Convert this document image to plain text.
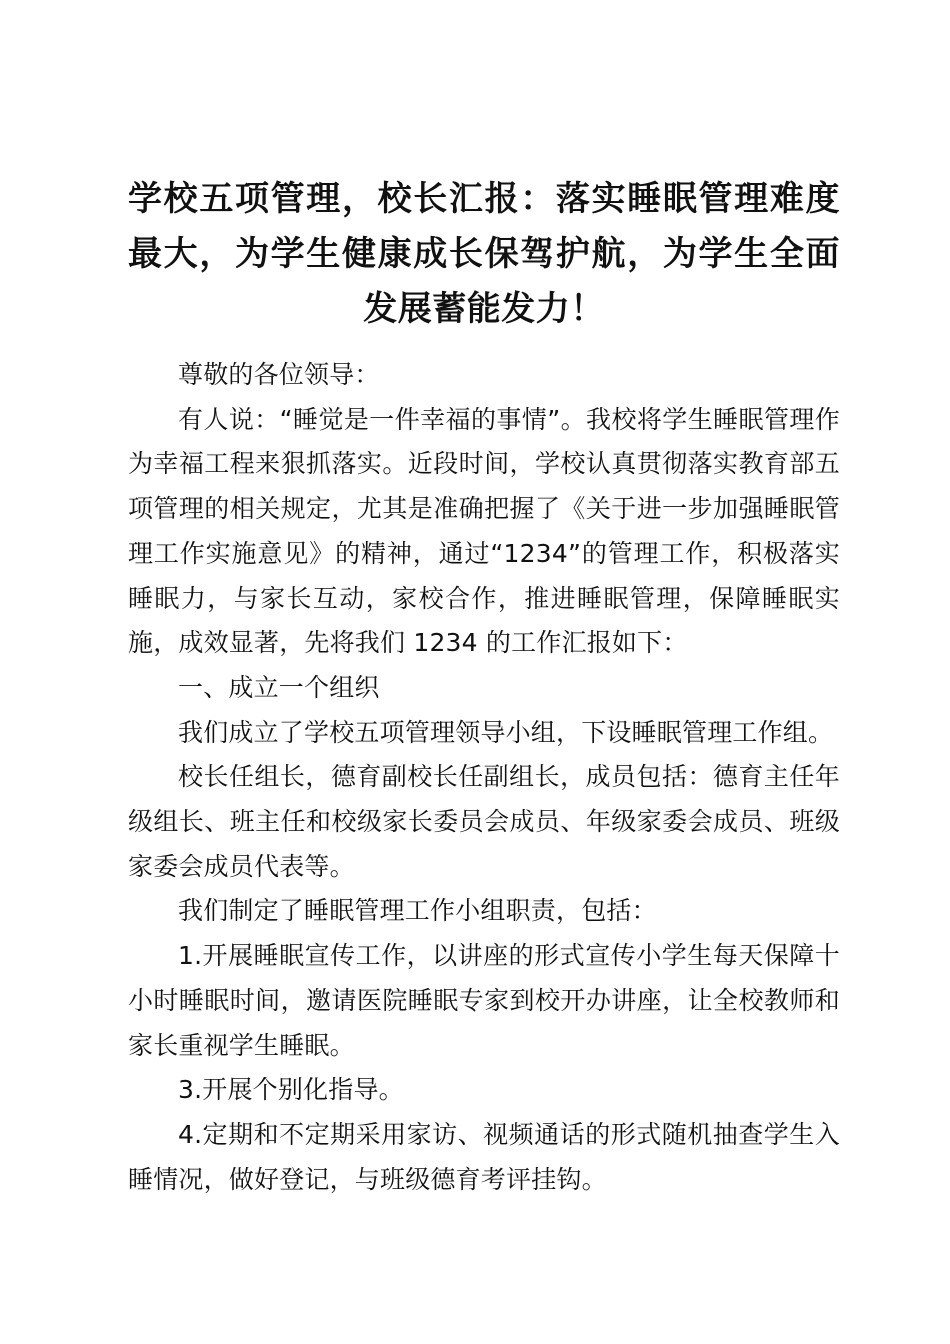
学校五项管理，校长汇报：落实睡眠管理难度最大，为学生健康成长保驾护航，为学生全面发展蓄能发力！

尊敬的各位领导：

有人说：“睡觉是一件幸福的事情”。我校将学生睡眠管理作为幸福工程来狠抓落实。近段时间，学校认真贯彻落实教育部五项管理的相关规定，尤其是准确把握了《关于进一步加强睡眠管理工作实施意见》的精神，通过“1234”的管理工作，积极落实睡眠力，与家长互动，家校合作，推进睡眠管理，保障睡眠实施，成效显著，先将我们 1234 的工作汇报如下：

一、成立一个组织

我们成立了学校五项管理领导小组，下设睡眠管理工作组。

校长任组长，德育副校长任副组长，成员包括：德育主任年级组长、班主任和校级家长委员会成员、年级家委会成员、班级家委会成员代表等。

我们制定了睡眠管理工作小组职责，包括：

1.开展睡眠宣传工作，以讲座的形式宣传小学生每天保障十小时睡眠时间，邀请医院睡眠专家到校开办讲座，让全校教师和家长重视学生睡眠。

3.开展个别化指导。

4.定期和不定期采用家访、视频通话的形式随机抽查学生入睡情况，做好登记，与班级德育考评挂钩。
